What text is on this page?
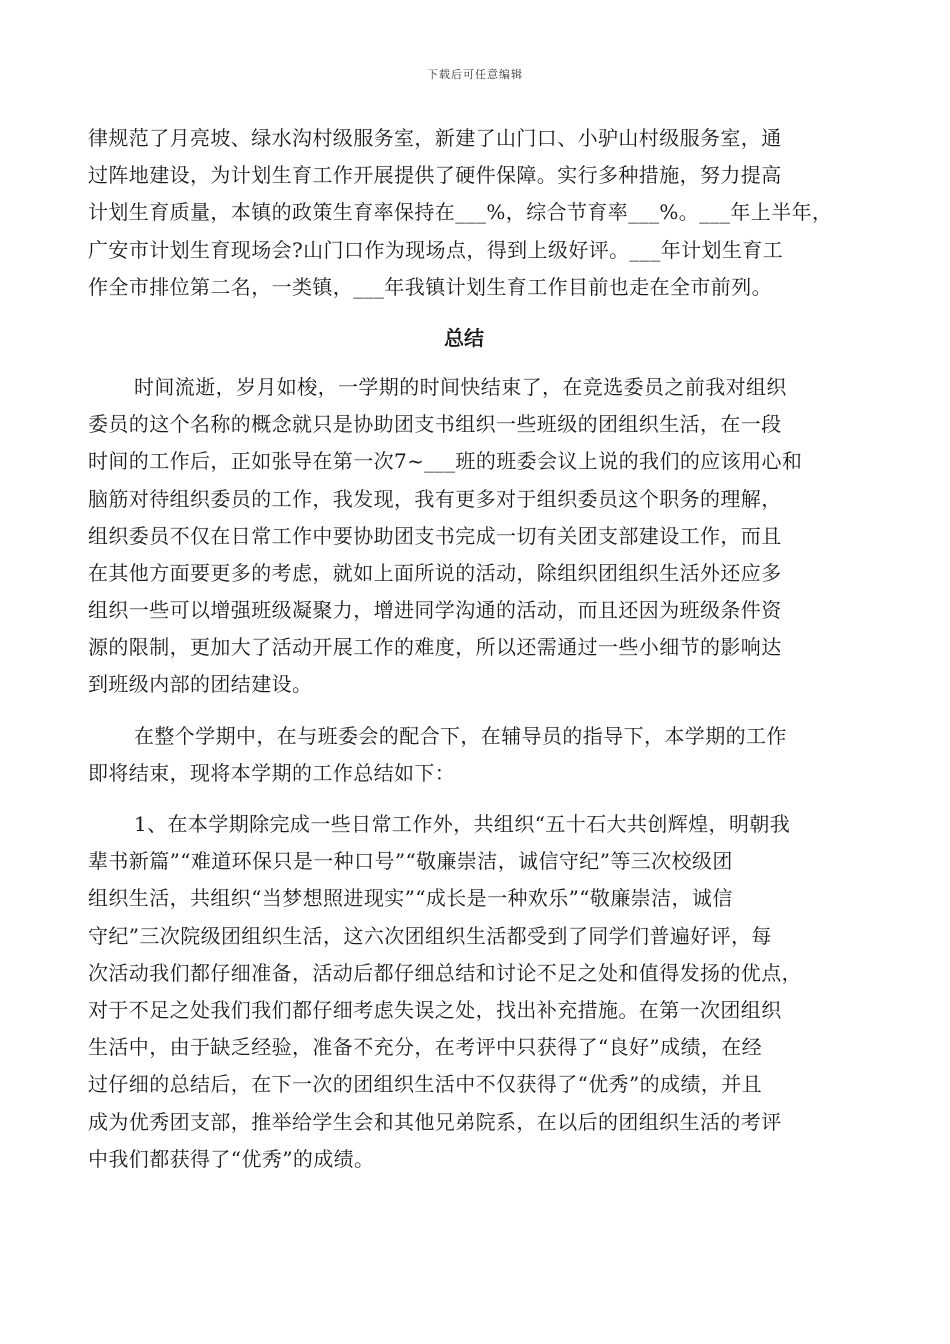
下载后可任意编辑
律规范了月亮坡、绿水沟村级服务室，新建了山门口、小驴山村级服务室，通
过阵地建设，为计划生育工作开展提供了硬件保障。实行多种措施，努力提高
计划生育质量，本镇的政策生育率保持在___%，综合节育率___%。___年上半年，
广安市计划生育现场会?山门口作为现场点，得到上级好评。___年计划生育工
作全市排位第二名，一类镇，___年我镇计划生育工作目前也走在全市前列。
总结
时间流逝，岁月如梭，一学期的时间快结束了，在竞选委员之前我对组织
委员的这个名称的概念就只是协助团支书组织一些班级的团组织生活，在一段
时间的工作后，正如张导在第一次7~___班的班委会议上说的我们的应该用心和
脑筋对待组织委员的工作，我发现，我有更多对于组织委员这个职务的理解，
组织委员不仅在日常工作中要协助团支书完成一切有关团支部建设工作，而且
在其他方面要更多的考虑，就如上面所说的活动，除组织团组织生活外还应多
组织一些可以增强班级凝聚力，增进同学沟通的活动，而且还因为班级条件资
源的限制，更加大了活动开展工作的难度，所以还需通过一些小细节的影响达
到班级内部的团结建设。
在整个学期中，在与班委会的配合下，在辅导员的指导下，本学期的工作
即将结束，现将本学期的工作总结如下：
1、在本学期除完成一些日常工作外，共组织“五十石大共创辉煌，明朝我
辈书新篇”“难道环保只是一种口号”“敬廉崇洁，诚信守纪”等三次校级团
组织生活，共组织“当梦想照进现实”“成长是一种欢乐”“敬廉崇洁，诚信
守纪”三次院级团组织生活，这六次团组织生活都受到了同学们普遍好评，每
次活动我们都仔细准备，活动后都仔细总结和讨论不足之处和值得发扬的优点，
对于不足之处我们我们都仔细考虑失误之处，找出补充措施。在第一次团组织
生活中，由于缺乏经验，准备不充分，在考评中只获得了“良好”成绩，在经
过仔细的总结后，在下一次的团组织生活中不仅获得了“优秀”的成绩，并且
成为优秀团支部，推举给学生会和其他兄弟院系，在以后的团组织生活的考评
中我们都获得了“优秀”的成绩。
